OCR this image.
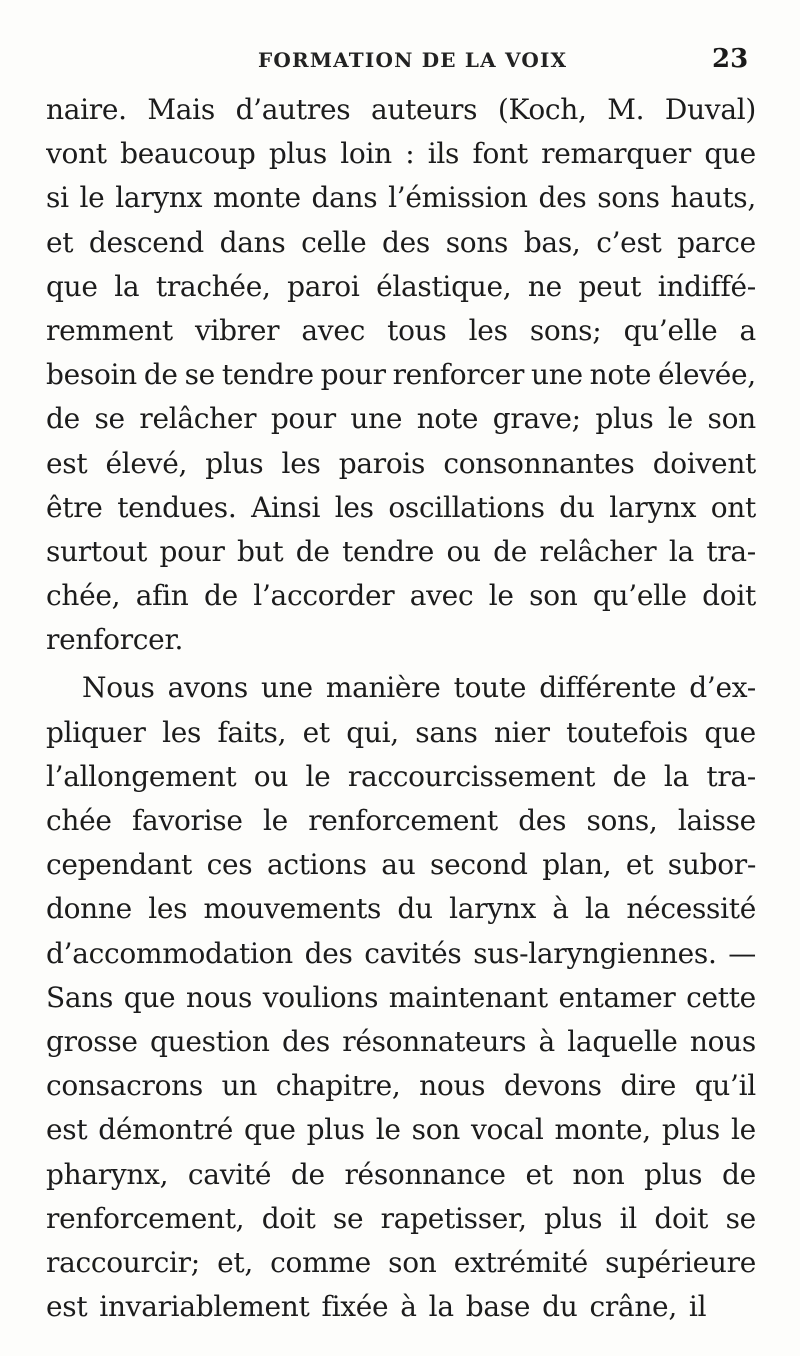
FORMATION DE LA VOIX	23
naire. Mais d’autres auteurs (Koch, M. Duval)
vont beaucoup plus loin : ils font remarquer que
si le larynx monte dans l’émission des sons hauts,
et descend dans celle des sons bas, c’est parce
que la trachée, paroi élastique, ne peut indiffé-
remment vibrer avec tous les sons; qu’elle a
besoin de se tendre pour renforcer une note élevée,
de se relâcher pour une note grave; plus le son
est élevé, plus les parois consonnantes doivent
être tendues. Ainsi les oscillations du larynx ont
surtout pour but de tendre ou de relâcher la tra-
chée, afin de l’accorder avec le son qu’elle doit
renforcer.
Nous avons une manière toute différente d’ex-
pliquer les faits, et qui, sans nier toutefois que
l’allongement ou le raccourcissement de la tra-
chée favorise le renforcement des sons, laisse
cependant ces actions au second plan, et subor-
donne les mouvements du larynx à la nécessité
d’accommodation des cavités sus-laryngiennes. —
Sans que nous voulions maintenant entamer cette
grosse question des résonnateurs à laquelle nous
consacrons un chapitre, nous devons dire qu’il
est démontré que plus le son vocal monte, plus le
pharynx, cavité de résonnance et non plus de
renforcement, doit se rapetisser, plus il doit se
raccourcir; et, comme son extrémité supérieure
est invariablement fixée à la base du crâne, il
